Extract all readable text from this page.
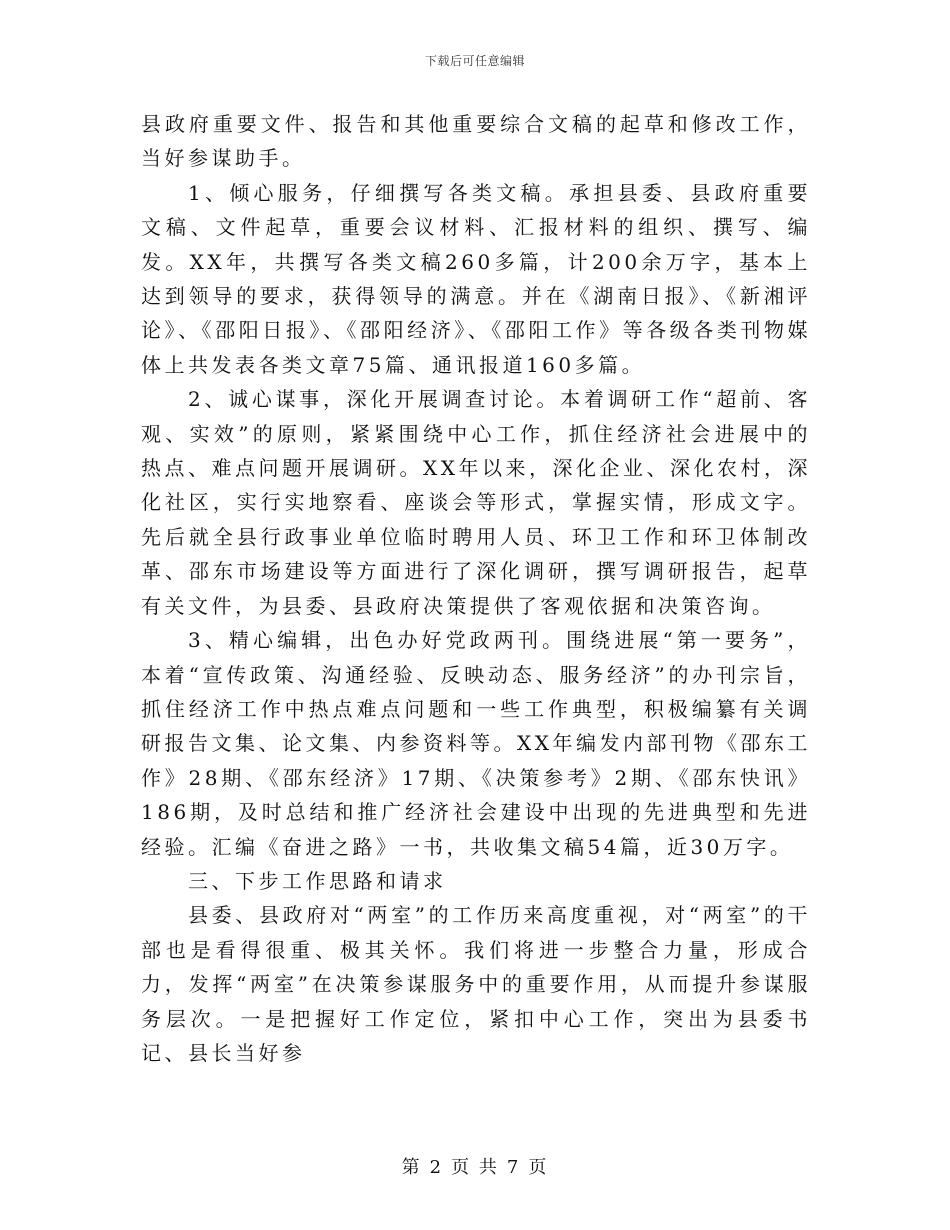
下载后可任意编辑

县政府重要文件、报告和其他重要综合文稿的起草和修改工作，当好参谋助手。

1、倾心服务，仔细撰写各类文稿。承担县委、县政府重要文稿、文件起草，重要会议材料、汇报材料的组织、撰写、编发。XX年，共撰写各类文稿260多篇，计200余万字，基本上达到领导的要求，获得领导的满意。并在《湖南日报》、《新湘评论》、《邵阳日报》、《邵阳经济》、《邵阳工作》等各级各类刊物媒体上共发表各类文章75篇、通讯报道160多篇。

2、诚心谋事，深化开展调查讨论。本着调研工作“超前、客观、实效”的原则，紧紧围绕中心工作，抓住经济社会进展中的热点、难点问题开展调研。XX年以来，深化企业、深化农村，深化社区，实行实地察看、座谈会等形式，掌握实情，形成文字。先后就全县行政事业单位临时聘用人员、环卫工作和环卫体制改革、邵东市场建设等方面进行了深化调研，撰写调研报告，起草有关文件，为县委、县政府决策提供了客观依据和决策咨询。

3、精心编辑，出色办好党政两刊。围绕进展“第一要务”，本着“宣传政策、沟通经验、反映动态、服务经济”的办刊宗旨，抓住经济工作中热点难点问题和一些工作典型，积极编纂有关调研报告文集、论文集、内参资料等。XX年编发内部刊物《邵东工作》28期、《邵东经济》17期、《决策参考》2期、《邵东快讯》186期，及时总结和推广经济社会建设中出现的先进典型和先进经验。汇编《奋进之路》一书，共收集文稿54篇，近30万字。

三、下步工作思路和请求

县委、县政府对“两室”的工作历来高度重视，对“两室”的干部也是看得很重、极其关怀。我们将进一步整合力量，形成合力，发挥“两室”在决策参谋服务中的重要作用，从而提升参谋服务层次。一是把握好工作定位，紧扣中心工作，突出为县委书记、县长当好参

第 2 页 共 7 页
